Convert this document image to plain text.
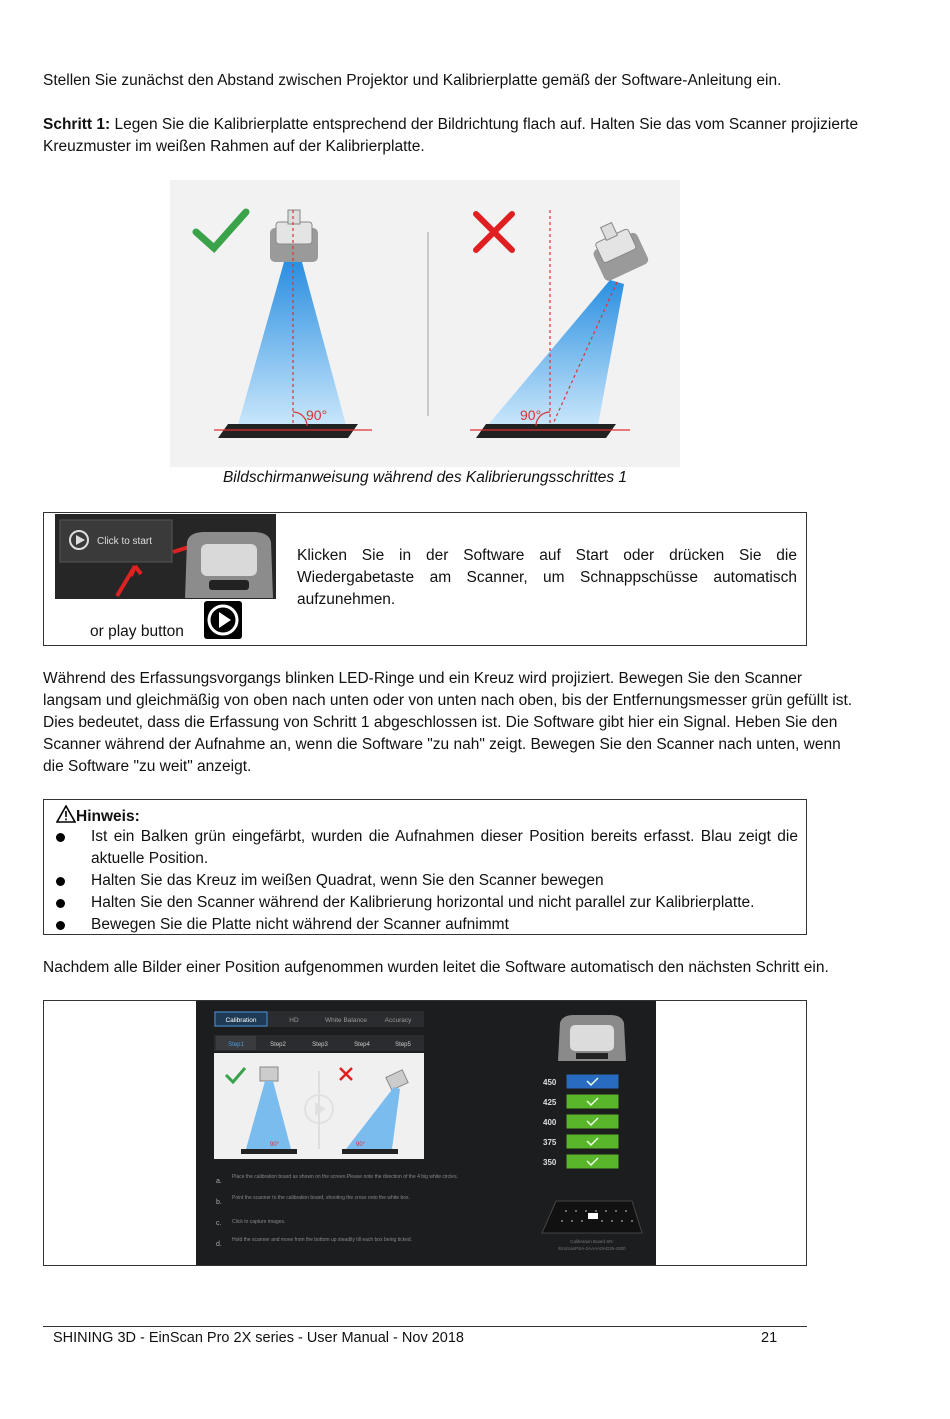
Stellen Sie zunächst den Abstand zwischen Projektor und Kalibrierplatte gemäß der Software-Anleitung ein.
Schritt 1: Legen Sie die Kalibrierplatte entsprechend der Bildrichtung flach auf. Halten Sie das vom Scanner projizierte Kreuzmuster im weißen Rahmen auf der Kalibrierplatte.
90°	90°
Bildschirmanweisung während des Kalibrierungsschrittes 1
Click to start
or play button
Klicken Sie in der Software auf Start oder drücken Sie die Wiedergabetaste am Scanner, um Schnappschüsse automatisch aufzunehmen.
Während des Erfassungsvorgangs blinken LED-Ringe und ein Kreuz wird projiziert. Bewegen Sie den Scanner langsam und gleichmäßig von oben nach unten oder von unten nach oben, bis der Entfernungsmesser grün gefüllt ist. Dies bedeutet, dass die Erfassung von Schritt 1 abgeschlossen ist. Die Software gibt hier ein Signal. Heben Sie den Scanner während der Aufnahme an, wenn die Software "zu nah" zeigt. Bewegen Sie den Scanner nach unten, wenn die Software "zu weit" anzeigt.
Hinweis:
Ist ein Balken grün eingefärbt, wurden die Aufnahmen dieser Position bereits erfasst. Blau zeigt die aktuelle Position.
Halten Sie das Kreuz im weißen Quadrat, wenn Sie den Scanner bewegen
Halten Sie den Scanner während der Kalibrierung horizontal und nicht parallel zur Kalibrierplatte.
Bewegen Sie die Platte nicht während der Scanner aufnimmt
Nachdem alle Bilder einer Position aufgenommen wurden leitet die Software automatisch den nächsten Schritt ein.
Calibration	HD	White Balance	Accuracy
Step1	Step2	Step3	Step4	Step5
90°	90°
a.
Place the calibration board as shown on the screen.Please note the direction of the 4 big white circles.
b.
Point the scanner to the calibration board, shooting the cross onto the white box.
c. Click to capture images.
d.
Hold the scanner and move from the bottom up steadily till each box being ticked.
450
425
400
375
350
Calibration Board SN:
EinScanPSA-2AAAA0AG26-4300
SHINING 3D - EinScan Pro 2X series - User Manual - Nov 2018	21
